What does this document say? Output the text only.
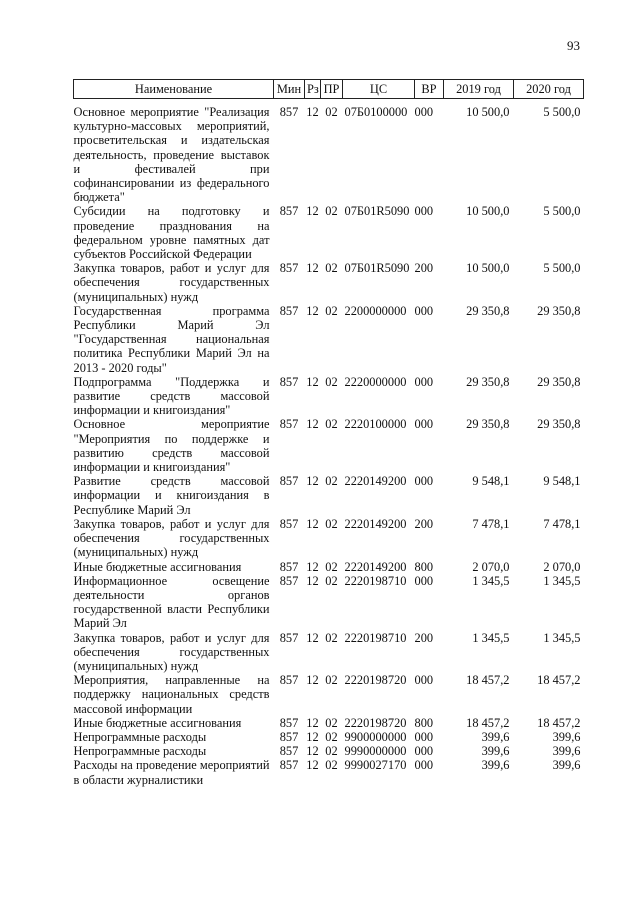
93
Наименование	Мин	Рз	ПР	ЦС	ВР	2019 год	2020 год

Основное мероприятие "Реализация культурно-массовых мероприятий, просветительская и издательская деятельность, проведение выставок и фестивалей при софинансировании из федерального бюджета"	857	12	02	07Б0100000	000	10 500,0	5 500,0
Субсидии на подготовку и проведение празднования на федеральном уровне памятных дат субъектов Российской Федерации	857	12	02	07Б01R5090	000	10 500,0	5 500,0
Закупка товаров, работ и услуг для обеспечения государственных (муниципальных) нужд	857	12	02	07Б01R5090	200	10 500,0	5 500,0
Государственная программа Республики Марий Эл "Государственная национальная политика Республики Марий Эл на 2013 - 2020 годы"	857	12	02	2200000000	000	29 350,8	29 350,8
Подпрограмма "Поддержка и развитие средств массовой информации и книгоиздания"	857	12	02	2220000000	000	29 350,8	29 350,8
Основное мероприятие "Мероприятия по поддержке и развитию средств массовой информации и книгоиздания"	857	12	02	2220100000	000	29 350,8	29 350,8
Развитие средств массовой информации и книгоиздания в Республике Марий Эл	857	12	02	2220149200	000	9 548,1	9 548,1
Закупка товаров, работ и услуг для обеспечения государственных (муниципальных) нужд	857	12	02	2220149200	200	7 478,1	7 478,1
Иные бюджетные ассигнования	857	12	02	2220149200	800	2 070,0	2 070,0
Информационное освещение деятельности органов государственной власти Республики Марий Эл	857	12	02	2220198710	000	1 345,5	1 345,5
Закупка товаров, работ и услуг для обеспечения государственных (муниципальных) нужд	857	12	02	2220198710	200	1 345,5	1 345,5
Мероприятия, направленные на поддержку национальных средств массовой информации	857	12	02	2220198720	000	18 457,2	18 457,2
Иные бюджетные ассигнования	857	12	02	2220198720	800	18 457,2	18 457,2
Непрограммные расходы	857	12	02	9900000000	000	399,6	399,6
Непрограммные расходы	857	12	02	9990000000	000	399,6	399,6
Расходы на проведение мероприятий в области журналистики	857	12	02	9990027170	000	399,6	399,6
